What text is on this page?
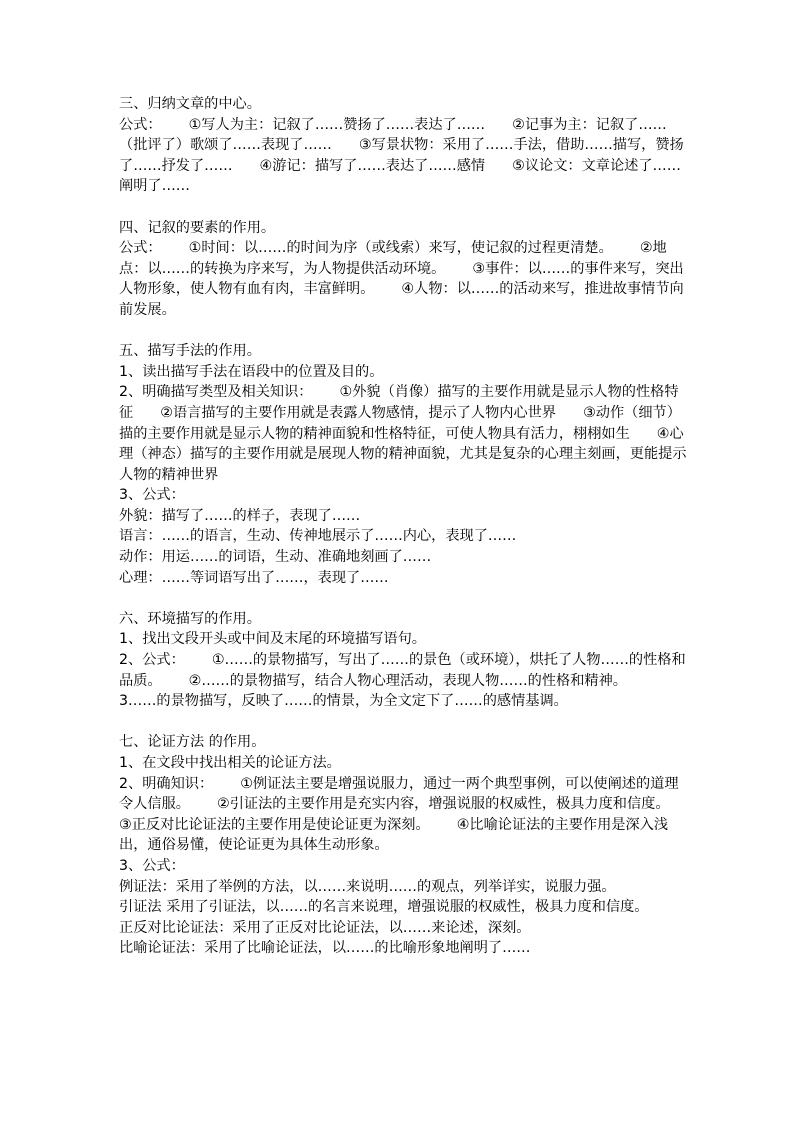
三、归纳文章的中心。

公式：      ①写人为主：记叙了……赞扬了……表达了……      ②记事为主：记叙了……（批评了）歌颂了……表现了……      ③写景状物：采用了……手法，借助……描写，赞扬了……抒发了……      ④游记：描写了……表达了……感情      ⑤议论文：文章论述了……阐明了……

四、记叙的要素的作用。

公式：      ①时间：以……的时间为序（或线索）来写，使记叙的过程更清楚。      ②地点：以……的转换为序来写，为人物提供活动环境。      ③事件：以……的事件来写，突出人物形象，使人物有血有肉，丰富鲜明。      ④人物：以……的活动来写，推进故事情节向前发展。

五、描写手法的作用。

1、读出描写手法在语段中的位置及目的。

2、明确描写类型及相关知识：      ①外貌（肖像）描写的主要作用就是显示人物的性格特征      ②语言描写的主要作用就是表露人物感情，提示了人物内心世界      ③动作（细节）描的主要作用就是显示人物的精神面貌和性格特征，可使人物具有活力，栩栩如生      ④心理（神态）描写的主要作用就是展现人物的精神面貌，尤其是复杂的心理主刻画，更能提示人物的精神世界

3、公式：

外貌：描写了……的样子，表现了……

语言：……的语言，生动、传神地展示了……内心，表现了……

动作：用运……的词语，生动、准确地刻画了……

心理：……等词语写出了……，表现了……

六、环境描写的作用。

1、找出文段开头或中间及末尾的环境描写语句。

2、公式：      ①……的景物描写，写出了……的景色（或环境），烘托了人物……的性格和品质。      ②……的景物描写，结合人物心理活动，表现人物……的性格和精神。

3……的景物描写，反映了……的情景，为全文定下了……的感情基调。

七、论证方法 的作用。

1、在文段中找出相关的论证方法。

2、明确知识：      ①例证法主要是增强说服力，通过一两个典型事例，可以使阐述的道理令人信服。      ②引证法的主要作用是充实内容，增强说服的权威性，极具力度和信度。      ③正反对比论证法的主要作用是使论证更为深刻。      ④比喻论证法的主要作用是深入浅出，通俗易懂，使论证更为具体生动形象。

3、公式：

例证法：采用了举例的方法，以……来说明……的观点，列举详实，说服力强。

引证法 采用了引证法，以……的名言来说理，增强说服的权威性，极具力度和信度。

正反对比论证法：采用了正反对比论证法，以……来论述，深刻。

比喻论证法：采用了比喻论证法，以……的比喻形象地阐明了……
